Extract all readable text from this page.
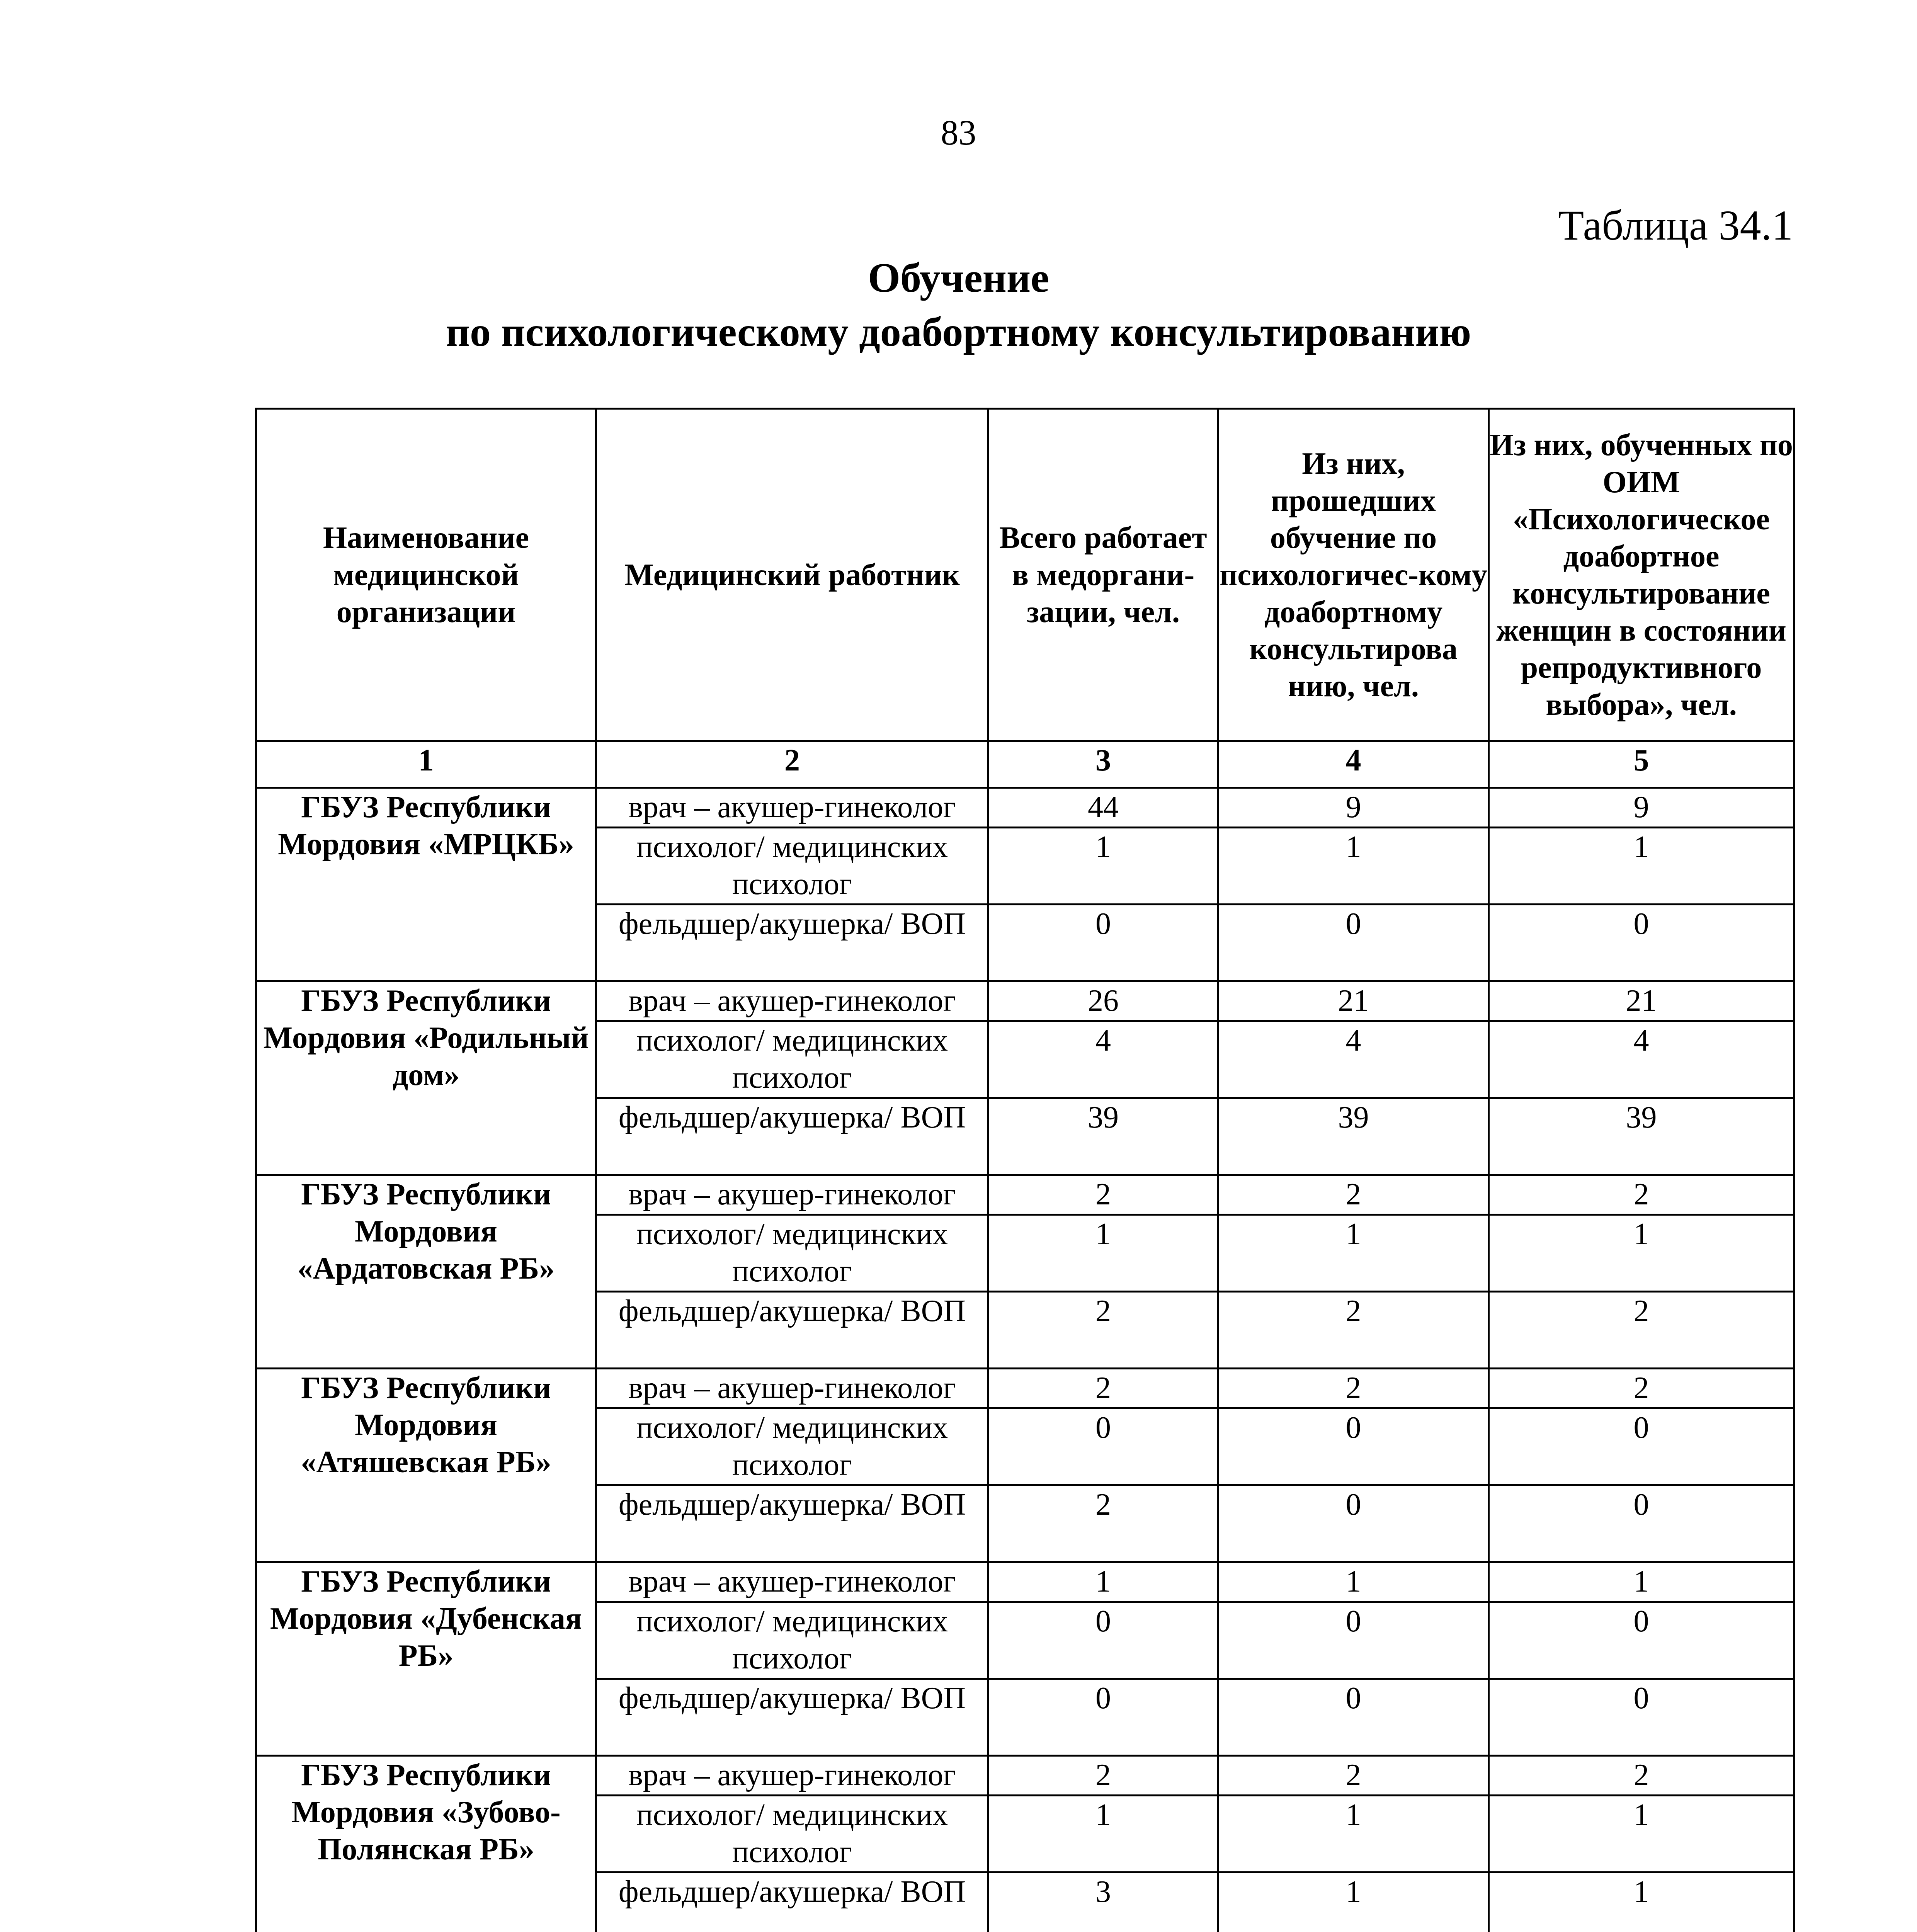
83
Таблица 34.1
Обучение
по психологическому доабортному консультированию
Наименование медицинской организации	Медицинский работник	Всего работает в медоргани-зации, чел.	Из них, прошедших обучение по психологичес-кому доабортному консультирова нию, чел.	Из них, обученных по ОИМ «Психологическое доабортное консультирование женщин в состоянии репродуктивного выбора», чел.
1	2	3	4	5
ГБУЗ Республики Мордовия «МРЦКБ»	врач – акушер-гинеколог	44	9	9
	психолог/ медицинских психолог	1	1	1
	фельдшер/акушерка/ ВОП	0	0	0
ГБУЗ Республики Мордовия «Родильный дом»	врач – акушер-гинеколог	26	21	21
	психолог/ медицинских психолог	4	4	4
	фельдшер/акушерка/ ВОП	39	39	39
ГБУЗ Республики Мордовия «Ардатовская РБ»	врач – акушер-гинеколог	2	2	2
	психолог/ медицинских психолог	1	1	1
	фельдшер/акушерка/ ВОП	2	2	2
ГБУЗ Республики Мордовия «Атяшевская РБ»	врач – акушер-гинеколог	2	2	2
	психолог/ медицинских психолог	0	0	0
	фельдшер/акушерка/ ВОП	2	0	0
ГБУЗ Республики Мордовия «Дубенская РБ»	врач – акушер-гинеколог	1	1	1
	психолог/ медицинских психолог	0	0	0
	фельдшер/акушерка/ ВОП	0	0	0
ГБУЗ Республики Мордовия «Зубово-Полянская РБ»	врач – акушер-гинеколог	2	2	2
	психолог/ медицинских психолог	1	1	1
	фельдшер/акушерка/ ВОП	3	1	1
